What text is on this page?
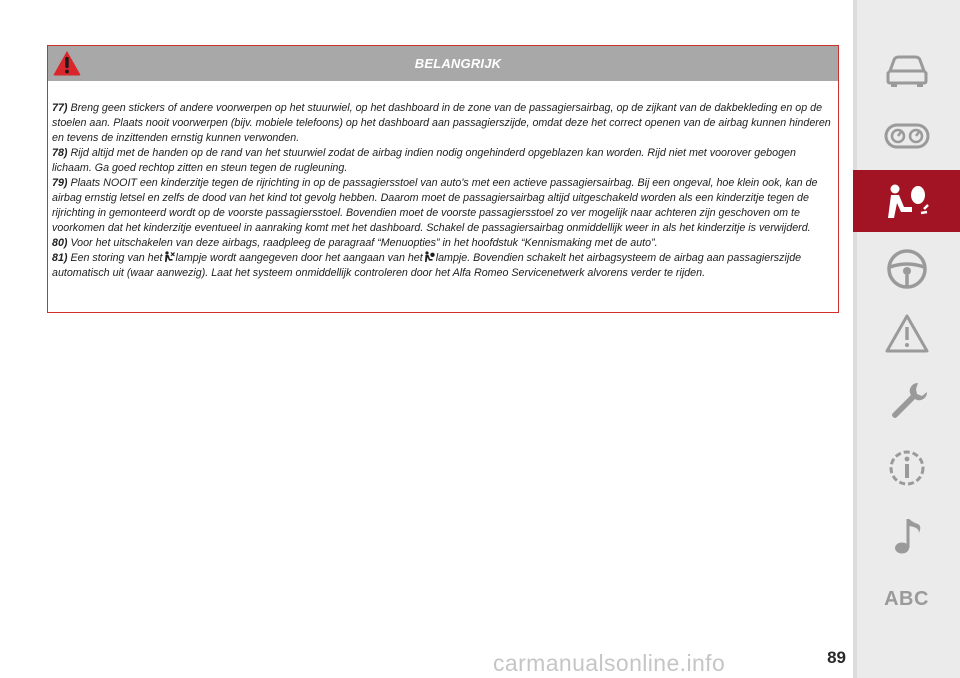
BELANGRIJK

77) Breng geen stickers of andere voorwerpen op het stuurwiel, op het dashboard in de zone van de passagiersairbag, op de zijkant van de dakbekleding en op de stoelen aan. Plaats nooit voorwerpen (bijv. mobiele telefoons) op het dashboard aan passagierszijde, omdat deze het correct openen van de airbag kunnen hinderen en tevens de inzittenden ernstig kunnen verwonden.

78) Rijd altijd met de handen op de rand van het stuurwiel zodat de airbag indien nodig ongehinderd opgeblazen kan worden. Rijd niet met voorover gebogen lichaam. Ga goed rechtop zitten en steun tegen de rugleuning.

79) Plaats NOOIT een kinderzitje tegen de rijrichting in op de passagiersstoel van auto's met een actieve passagiersairbag. Bij een ongeval, hoe klein ook, kan de airbag ernstig letsel en zelfs de dood van het kind tot gevolg hebben. Daarom moet de passagiersairbag altijd uitgeschakeld worden als een kinderzitje tegen de rijrichting in gemonteerd wordt op de voorste passagiersstoel. Bovendien moet de voorste passagiersstoel zo ver mogelijk naar achteren zijn geschoven om te voorkomen dat het kinderzitje eventueel in aanraking komt met het dashboard. Schakel de passagiersairbag onmiddellijk weer in als het kinderzitje is verwijderd.

80) Voor het uitschakelen van deze airbags, raadpleeg de paragraaf “Menuopties” in het hoofdstuk “Kennismaking met de auto”.

81) Een storing van het lampje wordt aangegeven door het aangaan van het lampje. Bovendien schakelt het airbagsysteem de airbag aan passagierszijde automatisch uit (waar aanwezig). Laat het systeem onmiddellijk controleren door het Alfa Romeo Servicenetwerk alvorens verder te rijden.

ABC
carmanualsonline.info	89
